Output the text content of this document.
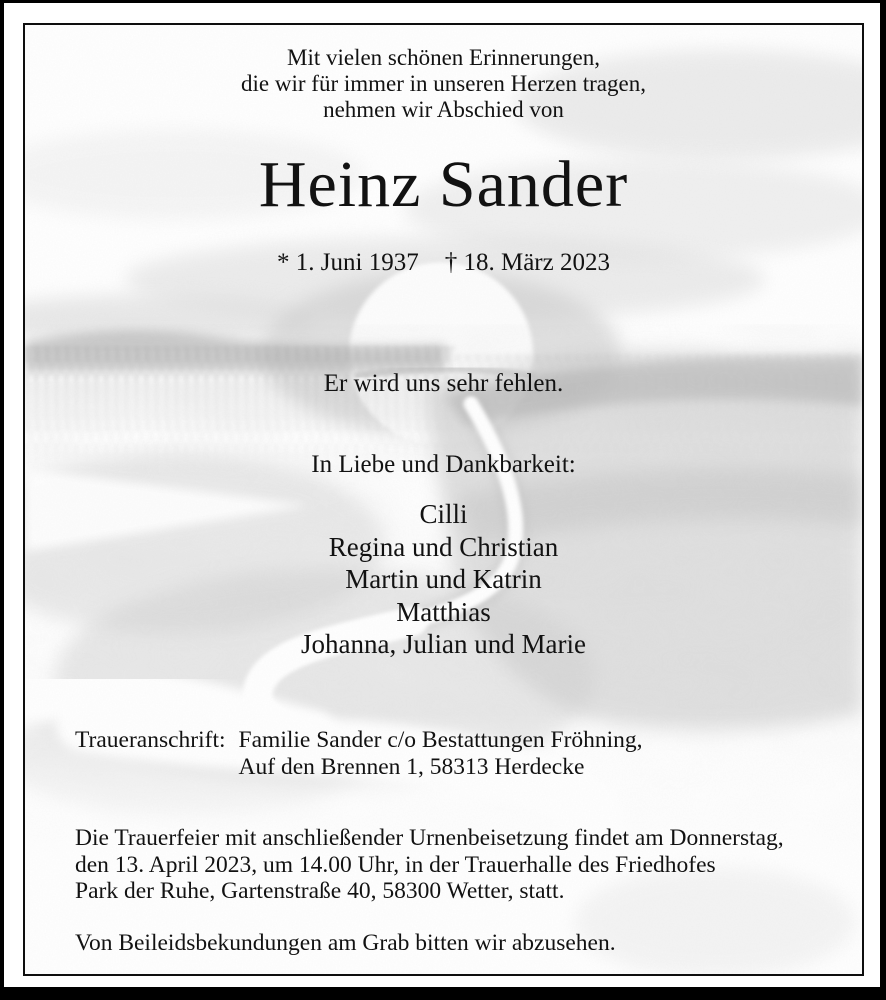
Mit vielen schönen Erinnerungen,
die wir für immer in unseren Herzen tragen,
nehmen wir Abschied von
Heinz Sander
* 1. Juni 1937 † 18. März 2023
Er wird uns sehr fehlen.
In Liebe und Dankbarkeit:
Cilli
Regina und Christian
Martin und Katrin
Matthias
Johanna, Julian und Marie
Traueranschrift: Familie Sander c/o Bestattungen Fröhning,
Auf den Brennen 1, 58313 Herdecke
Die Trauerfeier mit anschließender Urnenbeisetzung findet am Donnerstag,
den 13. April 2023, um 14.00 Uhr, in der Trauerhalle des Friedhofes
Park der Ruhe, Gartenstraße 40, 58300 Wetter, statt.
Von Beileidsbekundungen am Grab bitten wir abzusehen.
